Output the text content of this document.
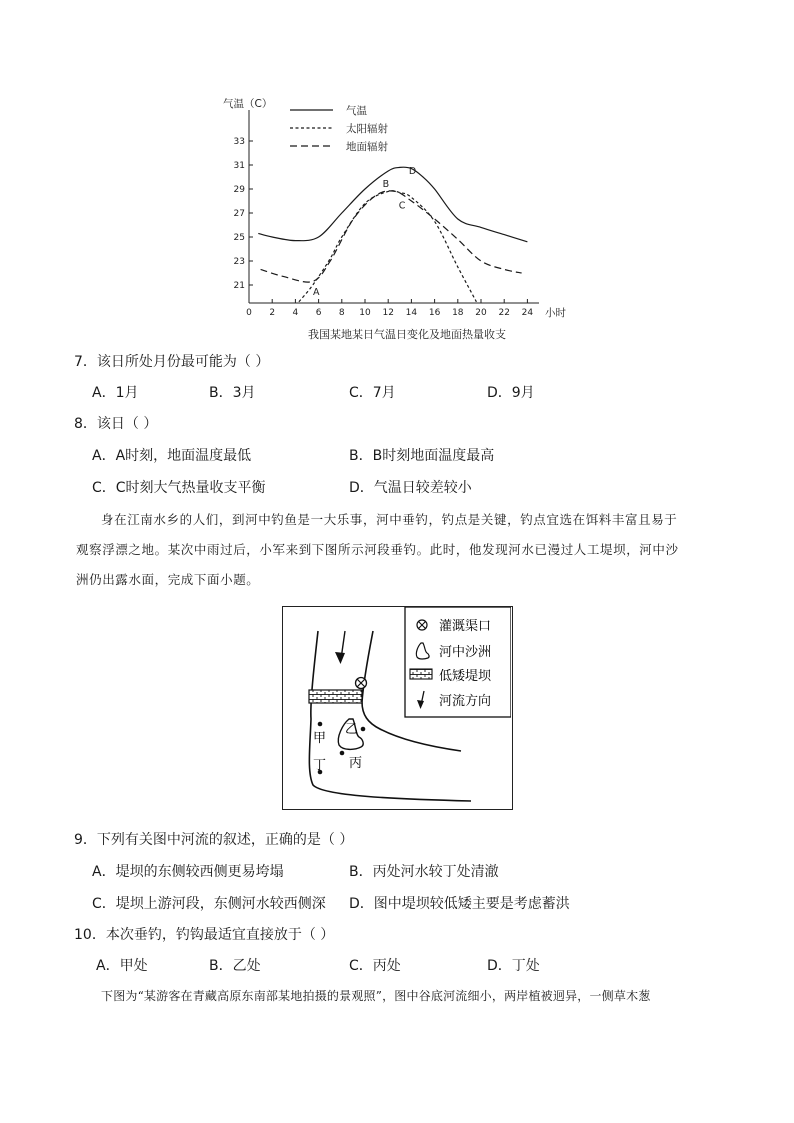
气温（C）
小时
0 2 4 6 8 10 12 14 16 18 20 22 24
21
23
25
27
29
31
33
A
B
C
D
气温
太阳辐射
地面辐射
我国某地某日气温日变化及地面热量收支
7．该日所处月份最可能为（ ）
A．1月	B．3月	C．7月	D．9月
8．该日（ ）
A．A时刻，地面温度最低	B．B时刻地面温度最高
C．C时刻大气热量收支平衡	D．气温日较差较小
身在江南水乡的人们，到河中钓鱼是一大乐事，河中垂钓，钓点是关键，钓点宜选在饵料丰富且易于
观察浮漂之地。某次中雨过后，小军来到下图所示河段垂钓。此时，他发现河水已漫过人工堤坝，河中沙
洲仍出露水面，完成下面小题。
甲
乙
丙
丁
灌溉渠口
河中沙洲
低矮堤坝
河流方向
9．下列有关图中河流的叙述，正确的是（ ）
A．堤坝的东侧较西侧更易垮塌	B．丙处河水较丁处清澈
C．堤坝上游河段，东侧河水较西侧深 D．图中堤坝较低矮主要是考虑蓄洪
10．本次垂钓，钓钩最适宜直接放于（ ）
A．甲处	B．乙处	C．丙处	D．丁处
下图为“某游客在青藏高原东南部某地拍摄的景观照”，图中谷底河流细小，两岸植被迥异，一侧草木葱
